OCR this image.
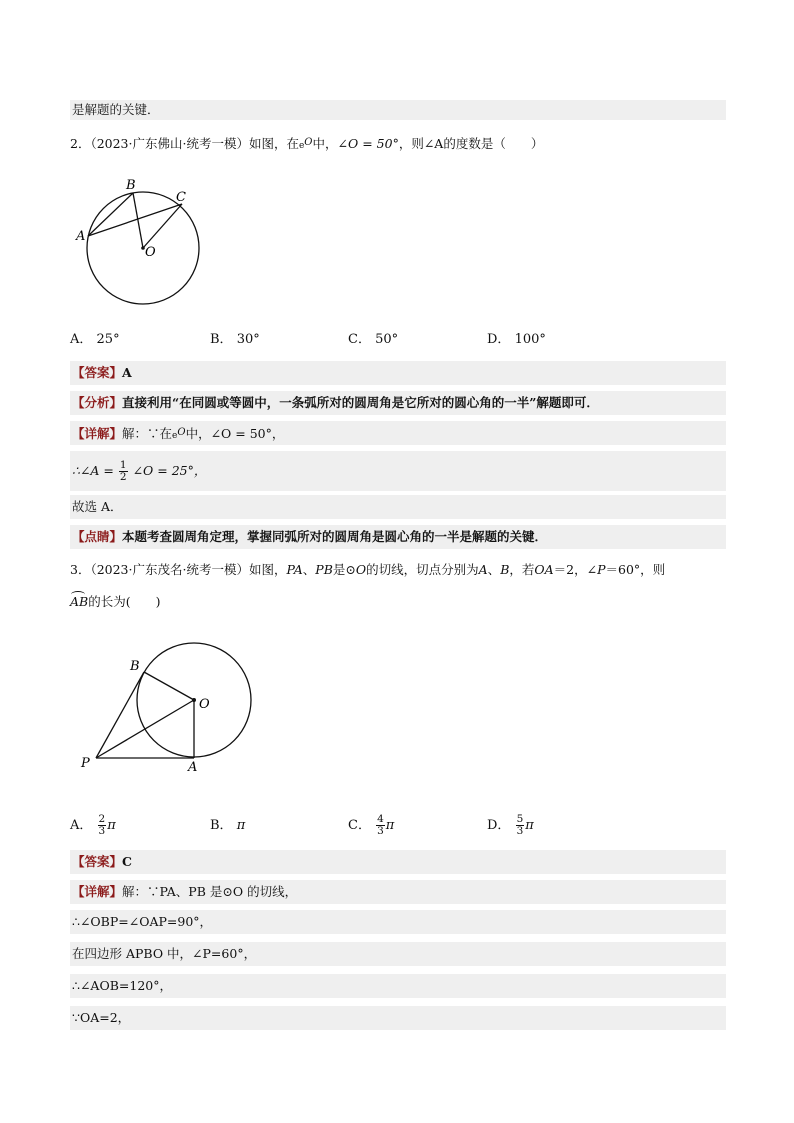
是解题的关键．
2．（2023·广东佛山·统考一模）如图，在$e^O$中，∠O = 50°，则∠A的度数是（　　）
A
B
C
O
A． 25°	B． 30°	C． 50°	D． 100°
【答案】A
【分析】直接利用“在同圆或等圆中，一条弧所对的圆周角是它所对的圆心角的一半”解题即可．
【详解】解：∵在$e^O$中，∠O = 50°，
∴∠A = $\frac{1}{2}$ ∠O = 25°，
故选 A．
【点睛】本题考查圆周角定理，掌握同弧所对的圆周角是圆心角的一半是解题的关键．
3．（2023·广东茂名·统考一模）如图，PA、PB是⊙O的切线，切点分别为A、B，若OA＝2，∠P＝60°，则
AB的长为(　　)
B
O
P	A
A． $\frac{2}{3}$ π	B． π	C． $\frac{4}{3}$ π	D． $\frac{5}{3}$ π
【答案】C
【详解】解：∵PA、PB 是⊙O 的切线，
∴∠OBP=∠OAP=90°，
在四边形 APBO 中，∠P=60°，
∴∠AOB=120°，
∵OA=2，
